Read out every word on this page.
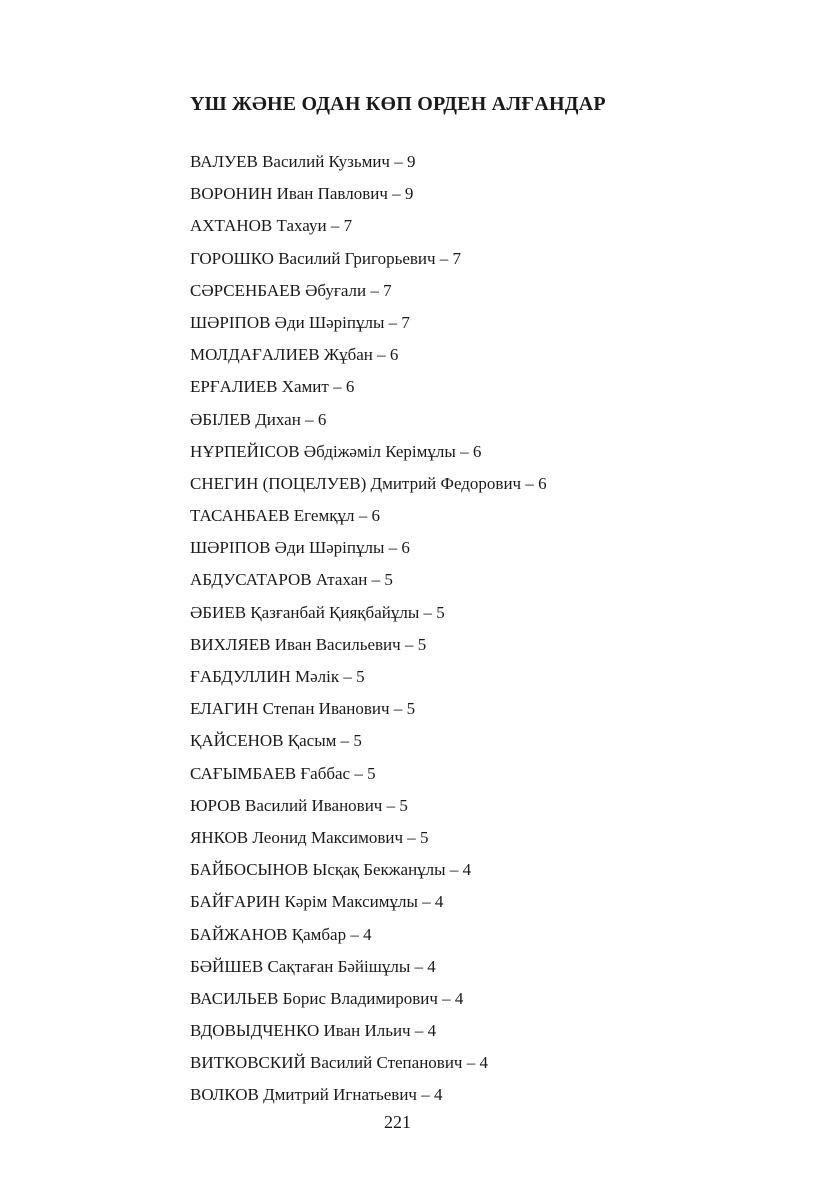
ҮШ ЖӘНЕ ОДАН КӨП ОРДЕН АЛҒАНДАР
ВАЛУЕВ Василий Кузьмич – 9
ВОРОНИН Иван Павлович – 9
АХТАНОВ Тахауи – 7
ГОРОШКО Василий Григорьевич – 7
СӘРСЕНБАЕВ Әбуғали – 7
ШӘРІПОВ Әди Шәріпұлы – 7
МОЛДАҒАЛИЕВ Жұбан – 6
ЕРҒАЛИЕВ Хамит – 6
ӘБІЛЕВ Дихан – 6
НҰРПЕЙІСОВ Әбдіжәміл Керімұлы – 6
СНЕГИН (ПОЦЕЛУЕВ) Дмитрий Федорович – 6
ТАСАНБАЕВ Егемқұл – 6
ШӘРІПОВ Әди Шәріпұлы – 6
АБДУСАТАРОВ Атахан – 5
ӘБИЕВ Қазғанбай Қияқбайұлы – 5
ВИХЛЯЕВ Иван Васильевич – 5
ҒАБДУЛЛИН Мәлік – 5
ЕЛАГИН Степан Иванович – 5
ҚАЙСЕНОВ Қасым – 5
САҒЫМБАЕВ Ғаббас – 5
ЮРОВ Василий Иванович – 5
ЯНКОВ Леонид Максимович – 5
БАЙБОСЫНОВ Ысқақ Бекжанұлы – 4
БАЙҒАРИН Кәрім Максимұлы – 4
БАЙЖАНОВ Қамбар – 4
БӘЙШЕВ Сақтаған Бәйішұлы – 4
ВАСИЛЬЕВ Борис Владимирович – 4
ВДОВЫДЧЕНКО Иван Ильич – 4
ВИТКОВСКИЙ Василий Степанович – 4
ВОЛКОВ Дмитрий Игнатьевич – 4
221
